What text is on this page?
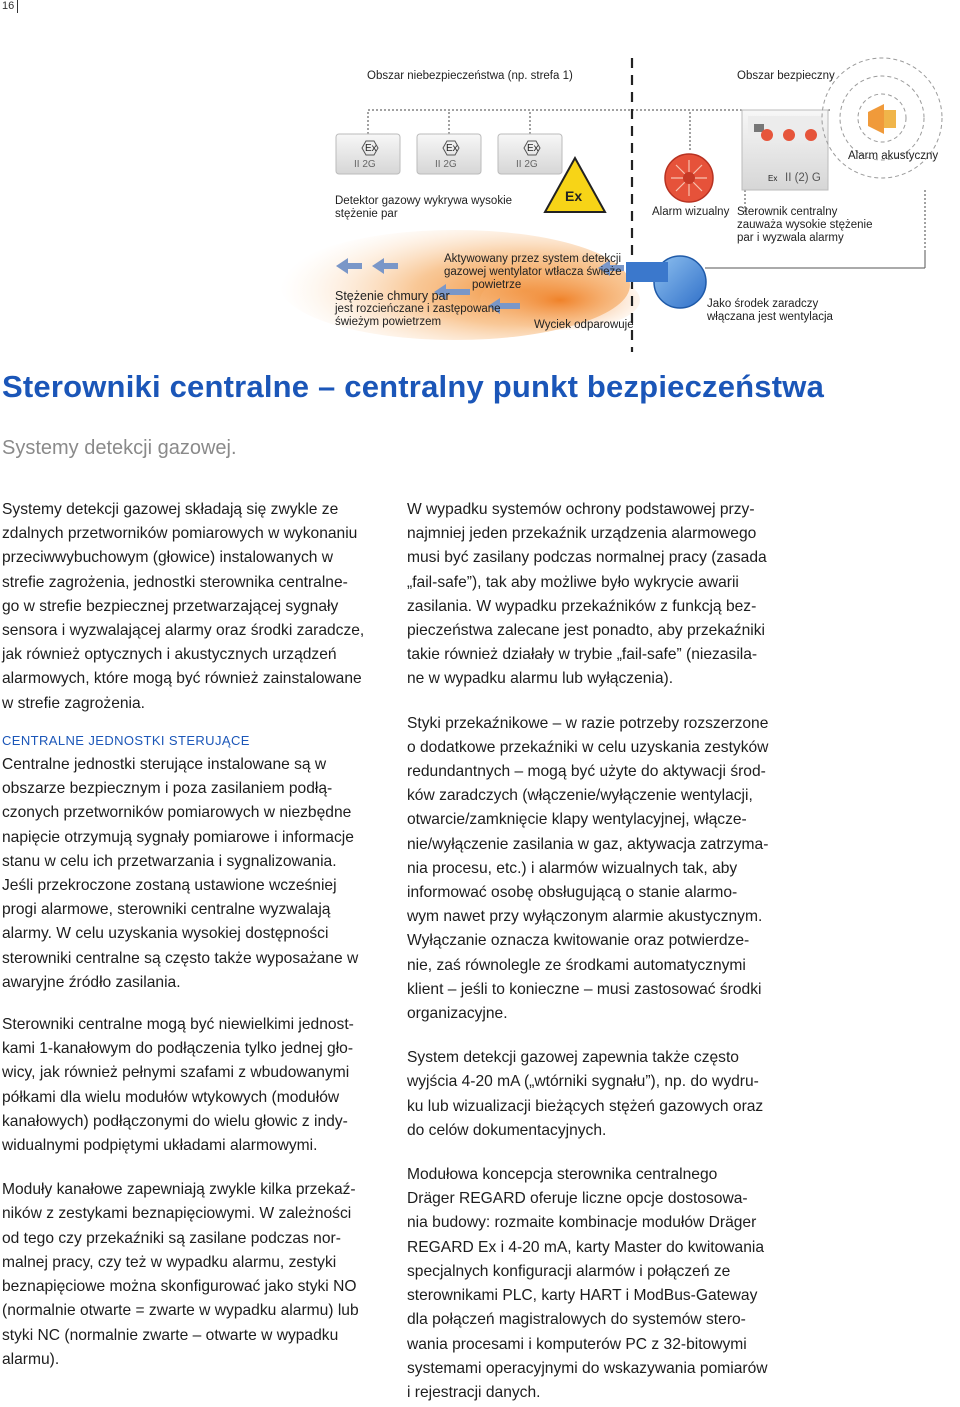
16
Obszar niebezpieczeństwa (np. strefa 1)	Obszar bezpieczny
Ex	Ex	Ex
Ex
II 2G	II 2G	II 2G
Ex
II (2) G
Detektor gazowy wykrywa wysokie
stężenie par
Aktywowany przez system detekcji
gazowej wentylator wtłacza świeże
powietrze
Stężenie chmury par
jest rozcieńczane i zastępowane
świeżym powietrzem	Wyciek odparowuje
Alarm wizualny
Alarm akustyczny
Sterownik centralny
zauważa wysokie stężenie
par i wyzwala alarmy
Jako środek zaradczy
włączana jest wentylacja
Sterowniki centralne – centralny punkt bezpieczeństwa
Systemy detekcji gazowej.

Systemy detekcji gazowej składają się zwykle ze
zdalnych przetworników pomiarowych w wykonaniu
przeciwwybuchowym (głowice) instalowanych w
strefie zagrożenia, jednostki sterownika centralne-
go w strefie bezpiecznej przetwarzającej sygnały
sensora i wyzwalającej alarmy oraz środki zaradcze,
jak również optycznych i akustycznych urządzeń
alarmowych, które mogą być również zainstalowane
w strefie zagrożenia.

CENTRALNE JEDNOSTKI STERUJĄCE

Centralne jednostki sterujące instalowane są w
obszarze bezpiecznym i poza zasilaniem podłą-
czonych przetworników pomiarowych w niezbędne
napięcie otrzymują sygnały pomiarowe i informacje
stanu w celu ich przetwarzania i sygnalizowania.
Jeśli przekroczone zostaną ustawione wcześniej
progi alarmowe, sterowniki centralne wyzwalają
alarmy. W celu uzyskania wysokiej dostępności
sterowniki centralne są często także wyposażane w
awaryjne źródło zasilania.

Sterowniki centralne mogą być niewielkimi jednost-
kami 1-kanałowym do podłączenia tylko jednej gło-
wicy, jak również pełnymi szafami z wbudowanymi
półkami dla wielu modułów wtykowych (modułów
kanałowych) podłączonymi do wielu głowic z indy-
widualnymi podpiętymi układami alarmowymi.

Moduły kanałowe zapewniają zwykle kilka przekaź-
ników z zestykami beznapięciowymi. W zależności
od tego czy przekaźniki są zasilane podczas nor-
malnej pracy, czy też w wypadku alarmu, zestyki
beznapięciowe można skonfigurować jako styki NO
(normalnie otwarte = zwarte w wypadku alarmu) lub
styki NC (normalnie zwarte – otwarte w wypadku
alarmu).

W wypadku systemów ochrony podstawowej przy-
najmniej jeden przekaźnik urządzenia alarmowego
musi być zasilany podczas normalnej pracy (zasada
„fail-safe”), tak aby możliwe było wykrycie awarii
zasilania. W wypadku przekaźników z funkcją bez-
pieczeństwa zalecane jest ponadto, aby przekaźniki
takie również działały w trybie „fail-safe” (niezasila-
ne w wypadku alarmu lub wyłączenia).

Styki przekaźnikowe – w razie potrzeby rozszerzone
o dodatkowe przekaźniki w celu uzyskania zestyków
redundantnych – mogą być użyte do aktywacji środ-
ków zaradczych (włączenie/wyłączenie wentylacji,
otwarcie/zamknięcie klapy wentylacyjnej, włącze-
nie/wyłączenie zasilania w gaz, aktywacja zatrzyma-
nia procesu, etc.) i alarmów wizualnych tak, aby
informować osobę obsługującą o stanie alarmo-
wym nawet przy wyłączonym alarmie akustycznym.
Wyłączanie oznacza kwitowanie oraz potwierdze-
nie, zaś równolegle ze środkami automatycznymi
klient – jeśli to konieczne – musi zastosować środki
organizacyjne.

System detekcji gazowej zapewnia także często
wyjścia 4-20 mA („wtórniki sygnału”), np. do wydru-
ku lub wizualizacji bieżących stężeń gazowych oraz
do celów dokumentacyjnych.

Modułowa koncepcja sterownika centralnego
Dräger REGARD oferuje liczne opcje dostosowa-
nia budowy: rozmaite kombinacje modułów Dräger
REGARD Ex i 4-20 mA, karty Master do kwitowania
specjalnych konfiguracji alarmów i połączeń ze
sterownikami PLC, karty HART i ModBus-Gateway
dla połączeń magistralowych do systemów stero-
wania procesami i komputerów PC z 32-bitowymi
systemami operacyjnymi do wskazywania pomiarów
i rejestracji danych.
